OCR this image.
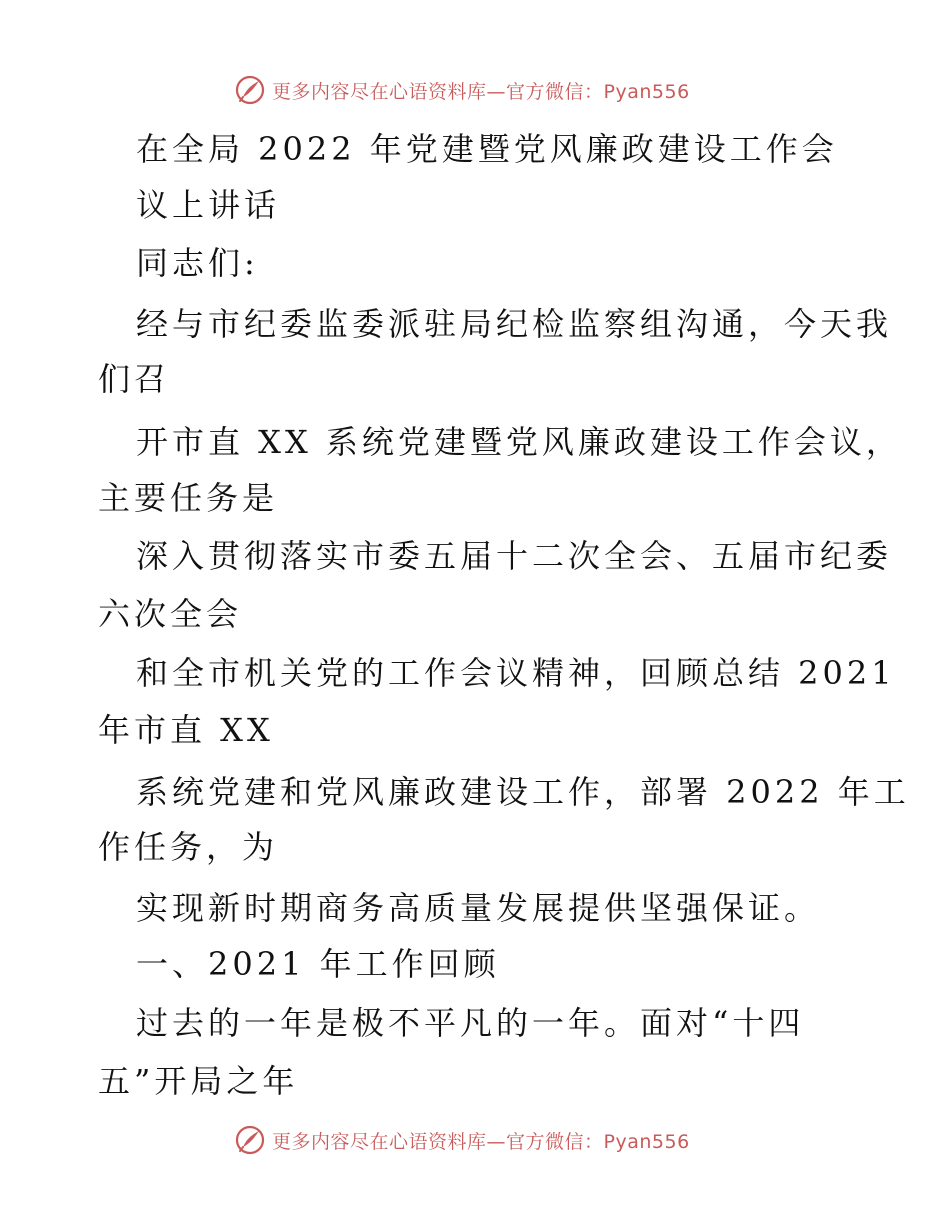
更多内容尽在心语资料库—官方微信：Pyan556
在全局 2022 年党建暨党风廉政建设工作会
议上讲话
同志们:
经与市纪委监委派驻局纪检监察组沟通，今天我
们召
开市直 XX 系统党建暨党风廉政建设工作会议，
主要任务是
深入贯彻落实市委五届十二次全会、五届市纪委
六次全会
和全市机关党的工作会议精神，回顾总结 2021
年市直 XX
系统党建和党风廉政建设工作，部署 2022 年工
作任务，为
实现新时期商务高质量发展提供坚强保证。
一、2021 年工作回顾
过去的一年是极不平凡的一年。面对“十四
五”开局之年
更多内容尽在心语资料库—官方微信：Pyan556
